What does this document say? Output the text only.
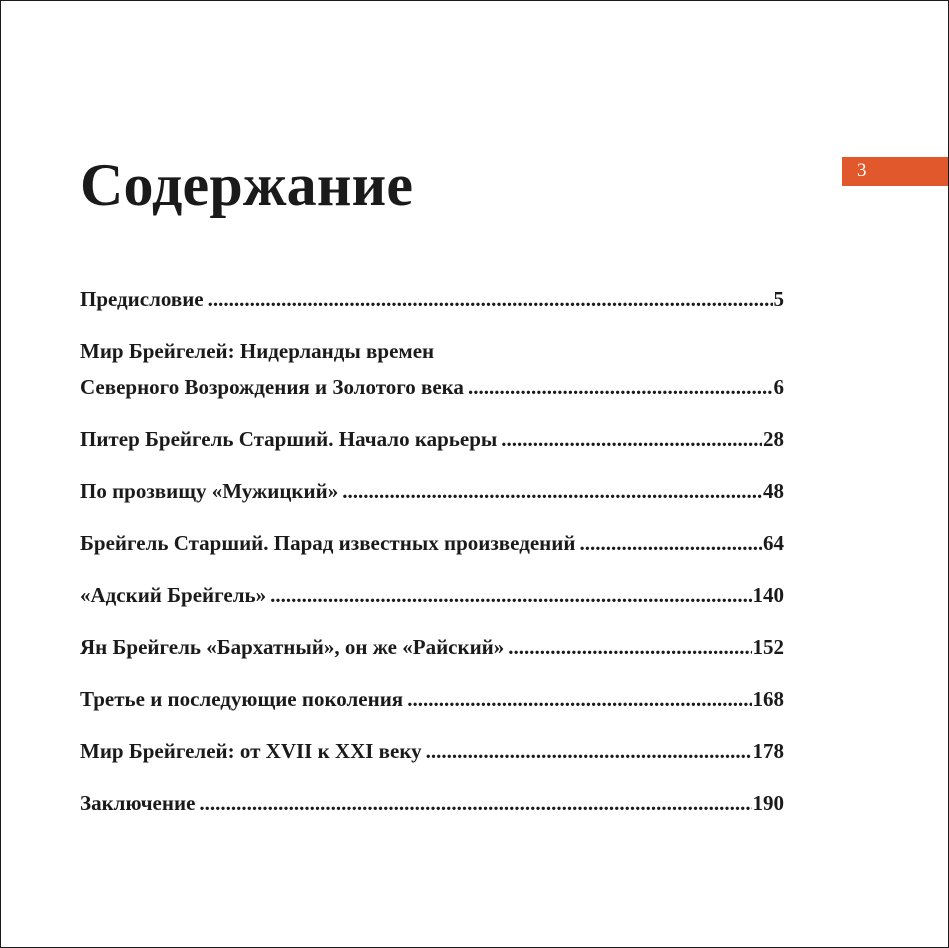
3
Содержание
Предисловие .....	5
Мир Брейгелей: Нидерланды времен
Северного Возрождения и Золотого века .....	6
Питер Брейгель Старший. Начало карьеры .....	28
По прозвищу «Мужицкий» .....	48
Брейгель Старший. Парад известных произведений .....	64
«Адский Брейгель» .....	140
Ян Брейгель «Бархатный», он же «Райский» .....	152
Третье и последующие поколения .....	168
Мир Брейгелей: от XVII к XXI веку .....	178
Заключение .....	190
